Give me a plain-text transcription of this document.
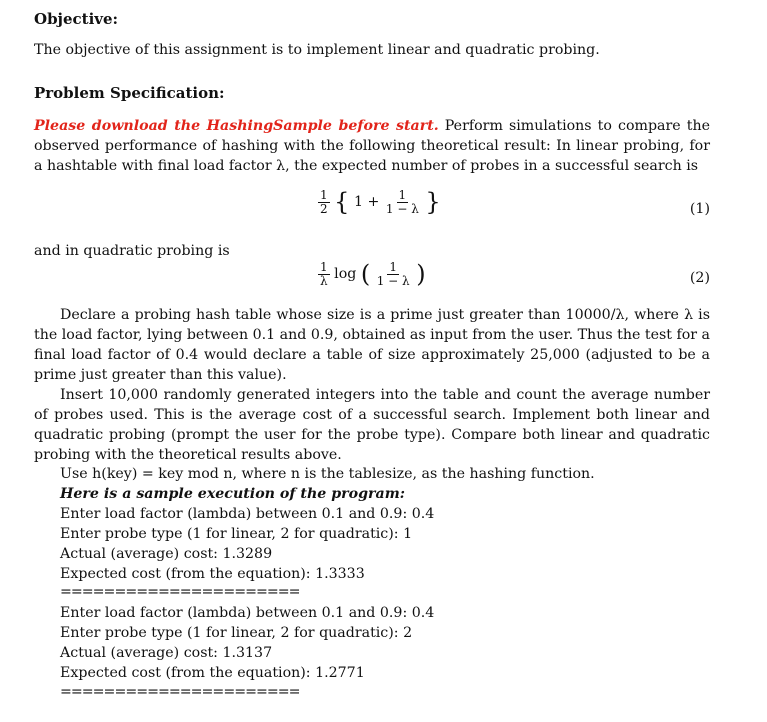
Objective:
The objective of this assignment is to implement linear and quadratic probing.
Problem Specification:
Please download the HashingSample before start. Perform simulations to compare the observed performance of hashing with the following theoretical result: In linear probing, for a hashtable with final load factor λ, the expected number of probes in a successful search is
$\frac{1}{2}$ { $1 + \frac{1}{1 - \lambda}$ }	(1)
and in quadratic probing is
$\frac{1}{\lambda}$ log ( $\frac{1}{1 - \lambda}$ )	(2)
Declare a probing hash table whose size is a prime just greater than 10000/λ, where λ is the load factor, lying between 0.1 and 0.9, obtained as input from the user. Thus the test for a final load factor of 0.4 would declare a table of size approximately 25,000 (adjusted to be a prime just greater than this value).
Insert 10,000 randomly generated integers into the table and count the average number of probes used. This is the average cost of a successful search. Implement both linear and quadratic probing (prompt the user for the probe type). Compare both linear and quadratic probing with the theoretical results above.
Use h(key) = key mod n, where n is the tablesize, as the hashing function.
Here is a sample execution of the program:
Enter load factor (lambda) between 0.1 and 0.9: 0.4
Enter probe type (1 for linear, 2 for quadratic): 1
Actual (average) cost: 1.3289
Expected cost (from the equation): 1.3333
======================
Enter load factor (lambda) between 0.1 and 0.9: 0.4
Enter probe type (1 for linear, 2 for quadratic): 2
Actual (average) cost: 1.3137
Expected cost (from the equation): 1.2771
======================
